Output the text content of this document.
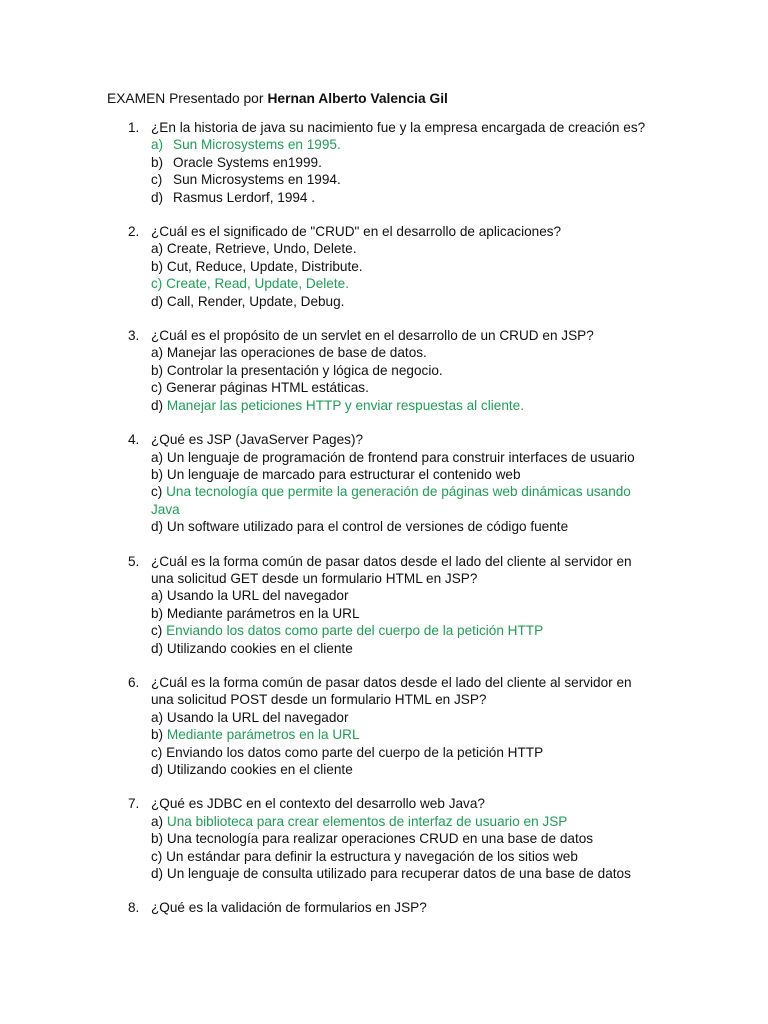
EXAMEN Presentado por Hernan Alberto Valencia Gil
1. ¿En la historia de java su nacimiento fue y la empresa encargada de creación es?
a) Sun Microsystems en 1995.
b) Oracle Systems en1999.
c) Sun Microsystems en 1994.
d) Rasmus Lerdorf, 1994 .
2. ¿Cuál es el significado de "CRUD" en el desarrollo de aplicaciones?
a) Create, Retrieve, Undo, Delete.
b) Cut, Reduce, Update, Distribute.
c) Create, Read, Update, Delete.
d) Call, Render, Update, Debug.
3. ¿Cuál es el propósito de un servlet en el desarrollo de un CRUD en JSP?
a) Manejar las operaciones de base de datos.
b) Controlar la presentación y lógica de negocio.
c) Generar páginas HTML estáticas.
d) Manejar las peticiones HTTP y enviar respuestas al cliente.
4. ¿Qué es JSP (JavaServer Pages)?
a) Un lenguaje de programación de frontend para construir interfaces de usuario
b) Un lenguaje de marcado para estructurar el contenido web
c) Una tecnología que permite la generación de páginas web dinámicas usando Java
d) Un software utilizado para el control de versiones de código fuente
5. ¿Cuál es la forma común de pasar datos desde el lado del cliente al servidor en una solicitud GET desde un formulario HTML en JSP?
a) Usando la URL del navegador
b) Mediante parámetros en la URL
c) Enviando los datos como parte del cuerpo de la petición HTTP
d) Utilizando cookies en el cliente
6. ¿Cuál es la forma común de pasar datos desde el lado del cliente al servidor en una solicitud POST desde un formulario HTML en JSP?
a) Usando la URL del navegador
b) Mediante parámetros en la URL
c) Enviando los datos como parte del cuerpo de la petición HTTP
d) Utilizando cookies en el cliente
7. ¿Qué es JDBC en el contexto del desarrollo web Java?
a) Una biblioteca para crear elementos de interfaz de usuario en JSP
b) Una tecnología para realizar operaciones CRUD en una base de datos
c) Un estándar para definir la estructura y navegación de los sitios web
d) Un lenguaje de consulta utilizado para recuperar datos de una base de datos
8. ¿Qué es la validación de formularios en JSP?
